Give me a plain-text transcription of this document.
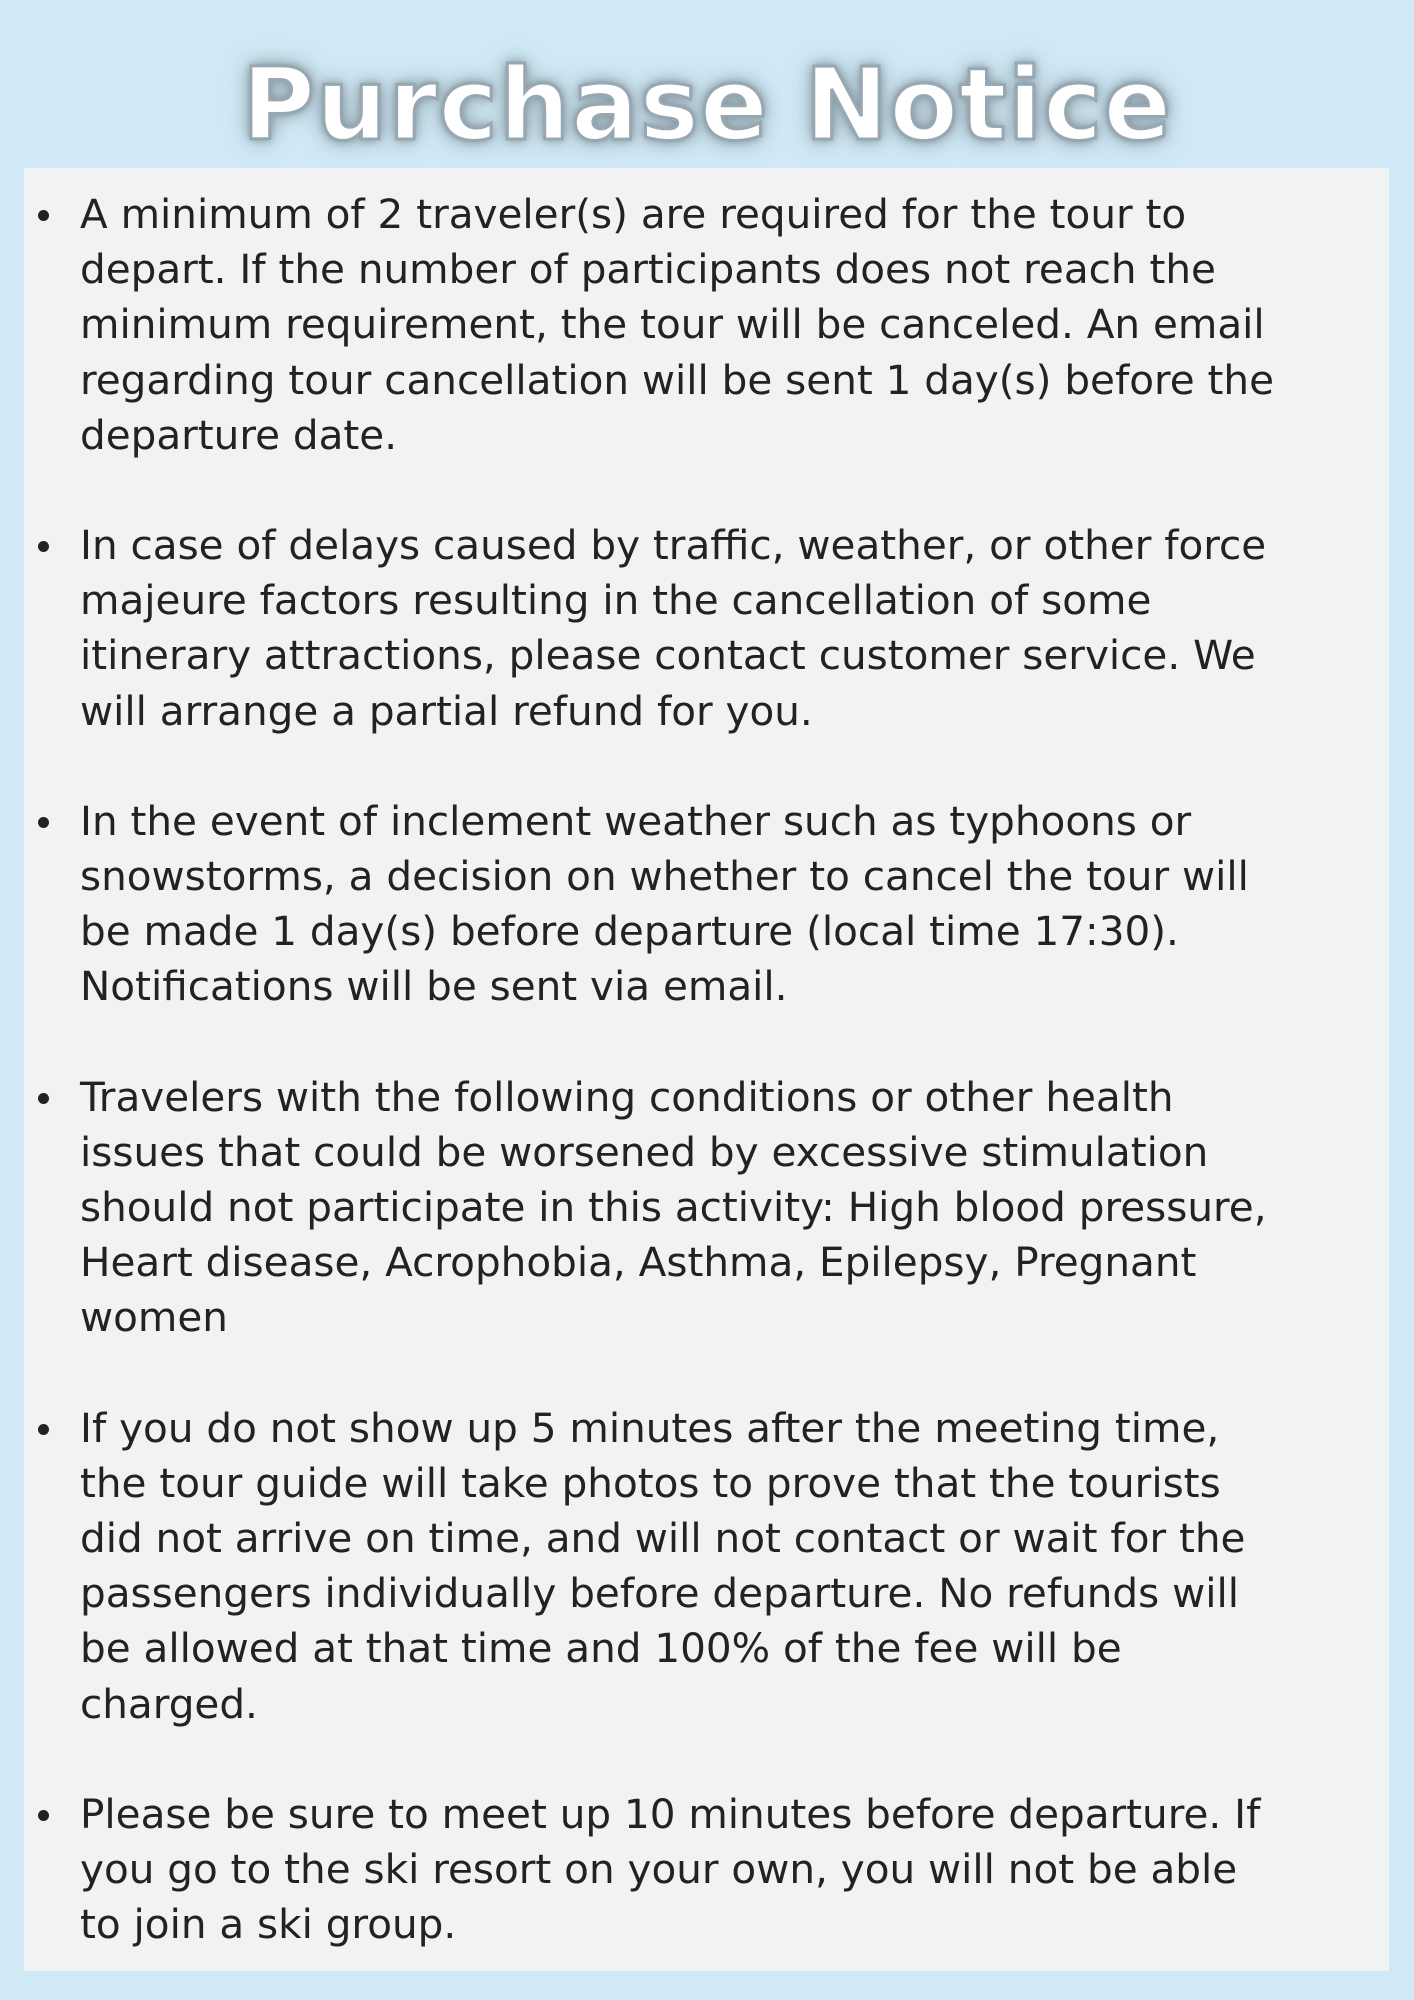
Purchase Notice
A minimum of 2 traveler(s) are required for the tour to
depart. If the number of participants does not reach the
minimum requirement, the tour will be canceled. An email
regarding tour cancellation will be sent 1 day(s) before the
departure date.
In case of delays caused by traffic, weather, or other force
majeure factors resulting in the cancellation of some
itinerary attractions, please contact customer service. We
will arrange a partial refund for you.
In the event of inclement weather such as typhoons or
snowstorms, a decision on whether to cancel the tour will
be made 1 day(s) before departure (local time 17:30).
Notifications will be sent via email.
Travelers with the following conditions or other health
issues that could be worsened by excessive stimulation
should not participate in this activity: High blood pressure,
Heart disease, Acrophobia, Asthma, Epilepsy, Pregnant
women
If you do not show up 5 minutes after the meeting time,
the tour guide will take photos to prove that the tourists
did not arrive on time, and will not contact or wait for the
passengers individually before departure. No refunds will
be allowed at that time and 100% of the fee will be
charged.
Please be sure to meet up 10 minutes before departure. If
you go to the ski resort on your own, you will not be able
to join a ski group.
